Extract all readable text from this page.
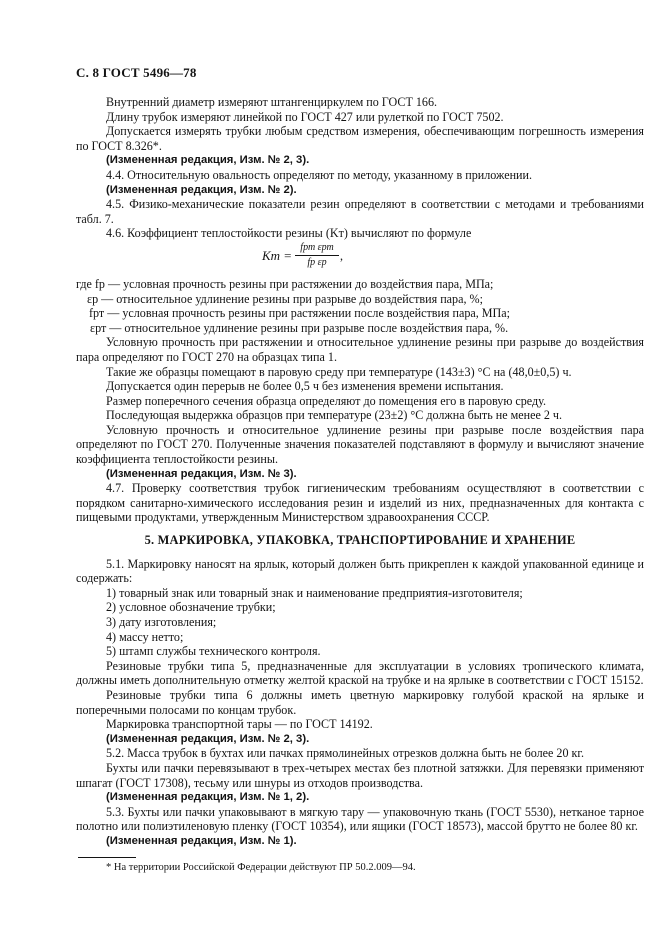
С. 8 ГОСТ 5496—78

Внутренний диаметр измеряют штангенциркулем по ГОСТ 166.

Длину трубок измеряют линейкой по ГОСТ 427 или рулеткой по ГОСТ 7502.

Допускается измерять трубки любым средством измерения, обеспечивающим погрешность измерения по ГОСТ 8.326*.

(Измененная редакция, Изм. № 2, 3).

4.4. Относительную овальность определяют по методу, указанному в приложении.

(Измененная редакция, Изм. № 2).

4.5. Физико-механические показатели резин определяют в соответствии с методами и требованиями табл. 7.

4.6. Коэффициент теплостойкости резины (Kт) вычисляют по формуле

Kт =
fрт εрт
fр εр	,

где fр — условная прочность резины при растяжении до воздействия пара, МПа;

εр — относительное удлинение резины при разрыве до воздействия пара, %;

fрт — условная прочность резины при растяжении после воздействия пара, МПа;

εрт — относительное удлинение резины при разрыве после воздействия пара, %.

Условную прочность при растяжении и относительное удлинение резины при разрыве до воздействия пара определяют по ГОСТ 270 на образцах типа 1.

Такие же образцы помещают в паровую среду при температуре (143±3) °С на (48,0±0,5) ч.

Допускается один перерыв не более 0,5 ч без изменения времени испытания.

Размер поперечного сечения образца определяют до помещения его в паровую среду.

Последующая выдержка образцов при температуре (23±2) °С должна быть не менее 2 ч.

Условную прочность и относительное удлинение резины при разрыве после воздействия пара определяют по ГОСТ 270. Полученные значения показателей подставляют в формулу и вычисляют значение коэффициента теплостойкости резины.

(Измененная редакция, Изм. № 3).

4.7. Проверку соответствия трубок гигиеническим требованиям осуществляют в соответствии с порядком санитарно-химического исследования резин и изделий из них, предназначенных для контакта с пищевыми продуктами, утвержденным Министерством здравоохранения СССР.

5. МАРКИРОВКА, УПАКОВКА, ТРАНСПОРТИРОВАНИЕ И ХРАНЕНИЕ

5.1. Маркировку наносят на ярлык, который должен быть прикреплен к каждой упакованной единице и содержать:

1) товарный знак или товарный знак и наименование предприятия-изготовителя;

2) условное обозначение трубки;

3) дату изготовления;

4) массу нетто;

5) штамп службы технического контроля.

Резиновые трубки типа 5, предназначенные для эксплуатации в условиях тропического климата, должны иметь дополнительную отметку желтой краской на трубке и на ярлыке в соответствии с ГОСТ 15152.

Резиновые трубки типа 6 должны иметь цветную маркировку голубой краской на ярлыке и поперечными полосами по концам трубок.

Маркировка транспортной тары — по ГОСТ 14192.

(Измененная редакция, Изм. № 2, 3).

5.2. Масса трубок в бухтах или пачках прямолинейных отрезков должна быть не более 20 кг.

Бухты или пачки перевязывают в трех-четырех местах без плотной затяжки. Для перевязки применяют шпагат (ГОСТ 17308), тесьму или шнуры из отходов производства.

(Измененная редакция, Изм. № 1, 2).

5.3. Бухты или пачки упаковывают в мягкую тару — упаковочную ткань (ГОСТ 5530), нетканое тарное полотно или полиэтиленовую пленку (ГОСТ 10354), или ящики (ГОСТ 18573), массой брутто не более 80 кг.

(Измененная редакция, Изм. № 1).

* На территории Российской Федерации действуют ПР 50.2.009—94.
